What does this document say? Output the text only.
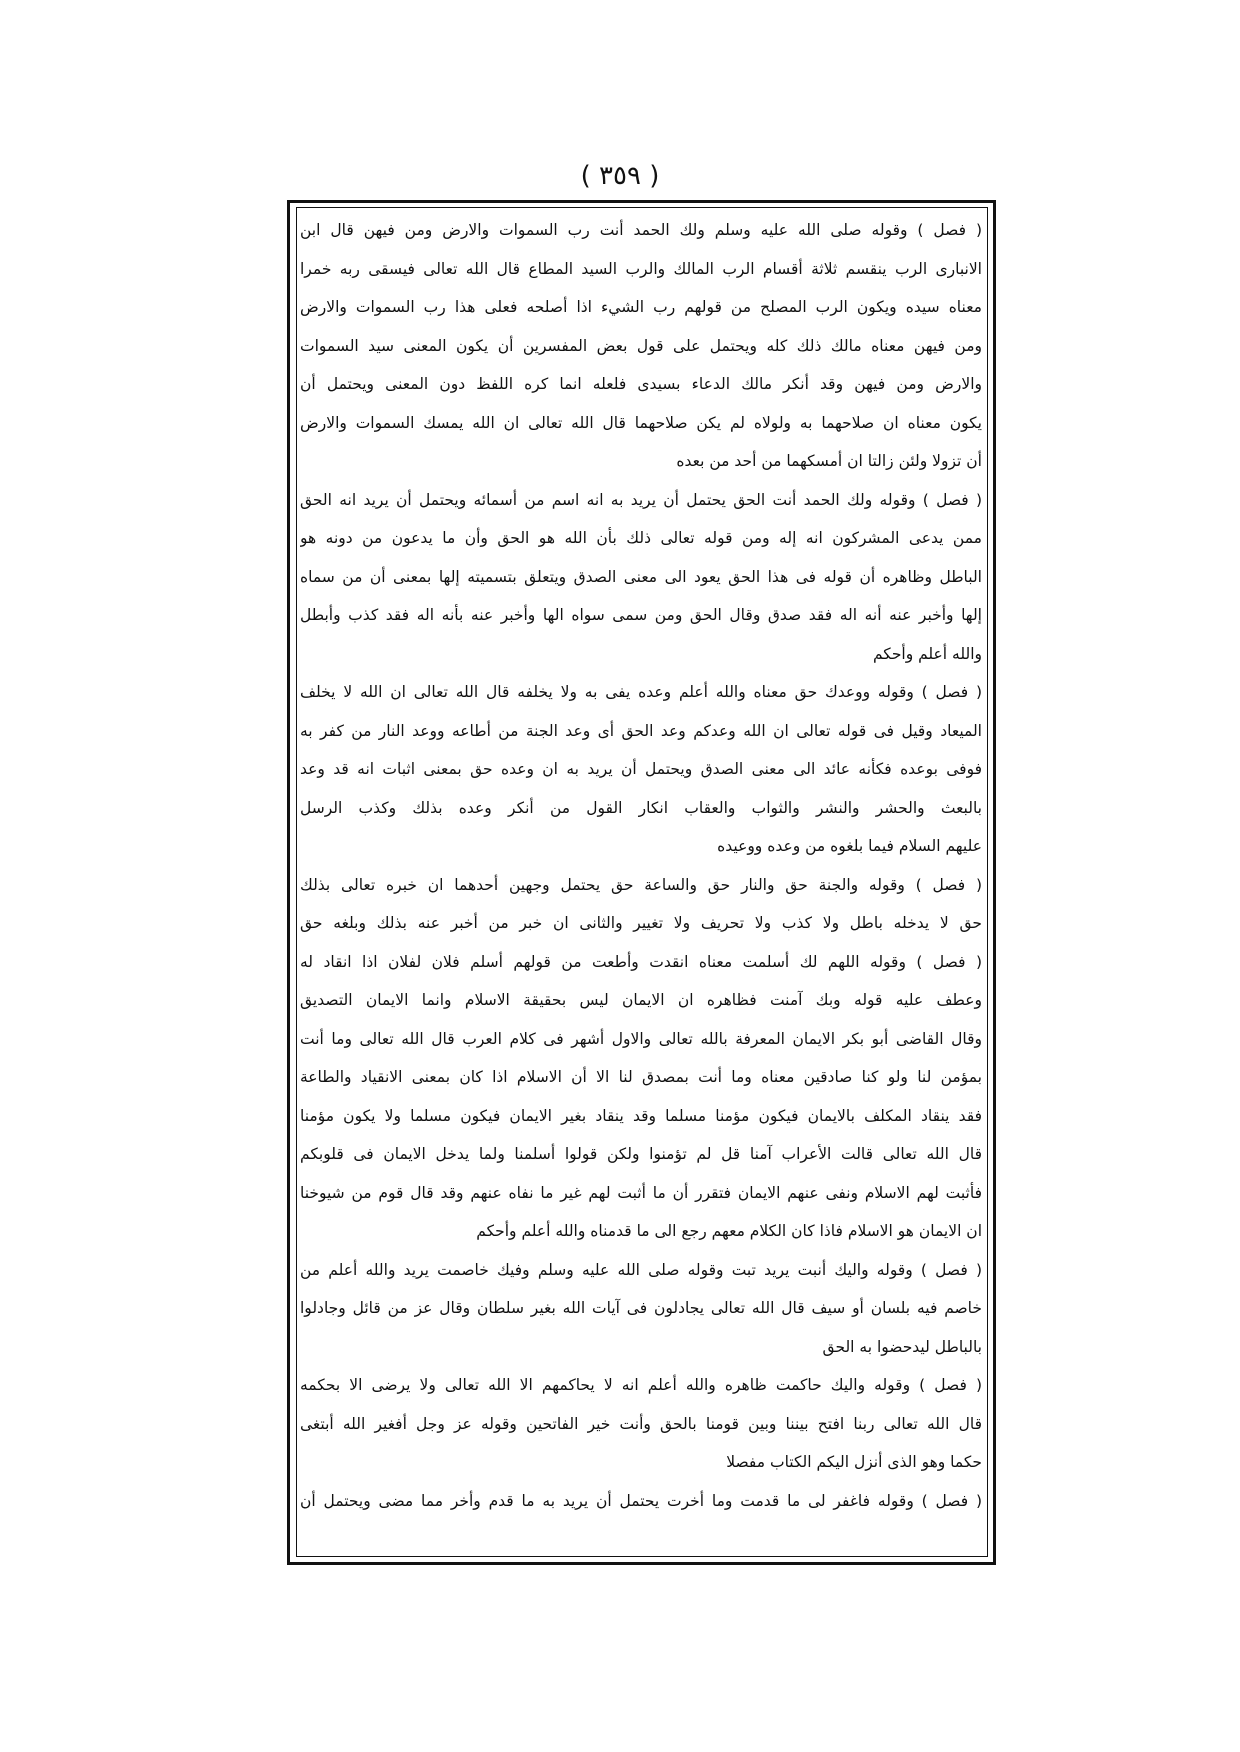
( ٣٥٩ )
( فصل ) وقوله صلى الله عليه وسلم ولك الحمد أنت رب السموات والارض ومن فيهن قال ابن
الانبارى الرب ينقسم ثلاثة أقسام الرب المالك والرب السيد المطاع قال الله تعالى فيسقى ربه خمرا
معناه سيده ويكون الرب المصلح من قولهم رب الشيء اذا أصلحه فعلى هذا رب السموات والارض
ومن فيهن معناه مالك ذلك كله ويحتمل على قول بعض المفسرين أن يكون المعنى سيد السموات
والارض ومن فيهن وقد أنكر مالك الدعاء بسيدى فلعله انما كره اللفظ دون المعنى ويحتمل أن
يكون معناه ان صلاحهما به ولولاه لم يكن صلاحهما قال الله تعالى ان الله يمسك السموات والارض
أن تزولا ولئن زالتا ان أمسكهما من أحد من بعده
( فصل ) وقوله ولك الحمد أنت الحق يحتمل أن يريد به انه اسم من أسمائه ويحتمل أن يريد انه الحق
ممن يدعى المشركون انه إله ومن قوله تعالى ذلك بأن الله هو الحق وأن ما يدعون من دونه هو
الباطل وظاهره أن قوله فى هذا الحق يعود الى معنى الصدق ويتعلق بتسميته إلها بمعنى أن من سماه
إلها وأخبر عنه أنه اله فقد صدق وقال الحق ومن سمى سواه الها وأخبر عنه بأنه اله فقد كذب وأبطل
والله أعلم وأحكم
( فصل ) وقوله ووعدك حق معناه والله أعلم وعده يفى به ولا يخلفه قال الله تعالى ان الله لا يخلف
الميعاد وقيل فى قوله تعالى ان الله وعدكم وعد الحق أى وعد الجنة من أطاعه ووعد النار من كفر به
فوفى بوعده فكأنه عائد الى معنى الصدق ويحتمل أن يريد به ان وعده حق بمعنى اثبات انه قد وعد
بالبعث والحشر والنشر والثواب والعقاب انكار القول من أنكر وعده بذلك وكذب الرسل
عليهم السلام فيما بلغوه من وعده ووعيده
( فصل ) وقوله والجنة حق والنار حق والساعة حق يحتمل وجهين أحدهما ان خبره تعالى بذلك
حق لا يدخله باطل ولا كذب ولا تحريف ولا تغيير والثانى ان خبر من أخبر عنه بذلك وبلغه حق
( فصل ) وقوله اللهم لك أسلمت معناه انقدت وأطعت من قولهم أسلم فلان لفلان اذا انقاد له
وعطف عليه قوله وبك آمنت فظاهره ان الايمان ليس بحقيقة الاسلام وانما الايمان التصديق
وقال القاضى أبو بكر الايمان المعرفة بالله تعالى والاول أشهر فى كلام العرب قال الله تعالى وما أنت
بمؤمن لنا ولو كنا صادقين معناه وما أنت بمصدق لنا الا أن الاسلام اذا كان بمعنى الانقياد والطاعة
فقد ينقاد المكلف بالايمان فيكون مؤمنا مسلما وقد ينقاد بغير الايمان فيكون مسلما ولا يكون مؤمنا
قال الله تعالى قالت الأعراب آمنا قل لم تؤمنوا ولكن قولوا أسلمنا ولما يدخل الايمان فى قلوبكم
فأثبت لهم الاسلام ونفى عنهم الايمان فتقرر أن ما أثبت لهم غير ما نفاه عنهم وقد قال قوم من شيوخنا
ان الايمان هو الاسلام فاذا كان الكلام معهم رجع الى ما قدمناه والله أعلم وأحكم
( فصل ) وقوله واليك أنبت يريد تبت وقوله صلى الله عليه وسلم وفيك خاصمت يريد والله أعلم من
خاصم فيه بلسان أو سيف قال الله تعالى يجادلون فى آيات الله بغير سلطان وقال عز من قائل وجادلوا
بالباطل ليدحضوا به الحق
( فصل ) وقوله واليك حاكمت ظاهره والله أعلم انه لا يحاكمهم الا الله تعالى ولا يرضى الا بحكمه
قال الله تعالى ربنا افتح بيننا وبين قومنا بالحق وأنت خير الفاتحين وقوله عز وجل أفغير الله أبتغى
حكما وهو الذى أنزل اليكم الكتاب مفصلا
( فصل ) وقوله فاغفر لى ما قدمت وما أخرت يحتمل أن يريد به ما قدم وأخر مما مضى ويحتمل أن
